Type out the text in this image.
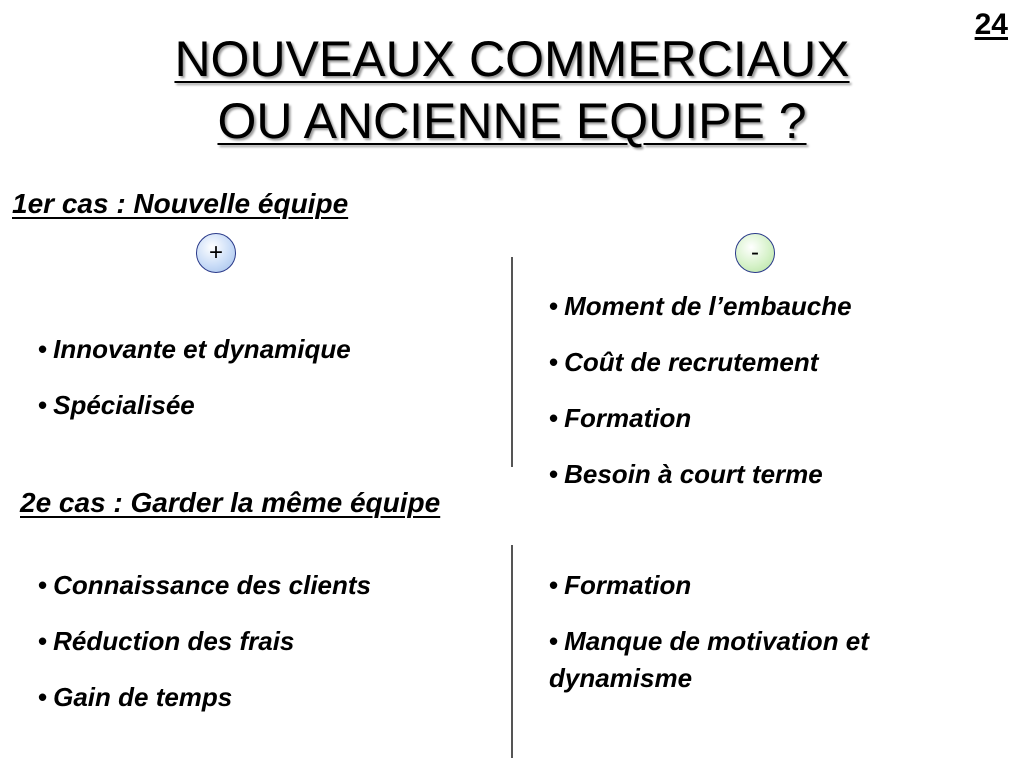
24
NOUVEAUX COMMERCIAUX
OU ANCIENNE EQUIPE ?
1er cas : Nouvelle équipe
+	-
• Innovante et dynamique
• Spécialisée
• Moment de l’embauche
• Coût de recrutement
• Formation
• Besoin à court terme
2e cas : Garder la même équipe
• Connaissance des clients
• Réduction des frais
• Gain de temps
• Formation
• Manque de motivation et dynamisme
